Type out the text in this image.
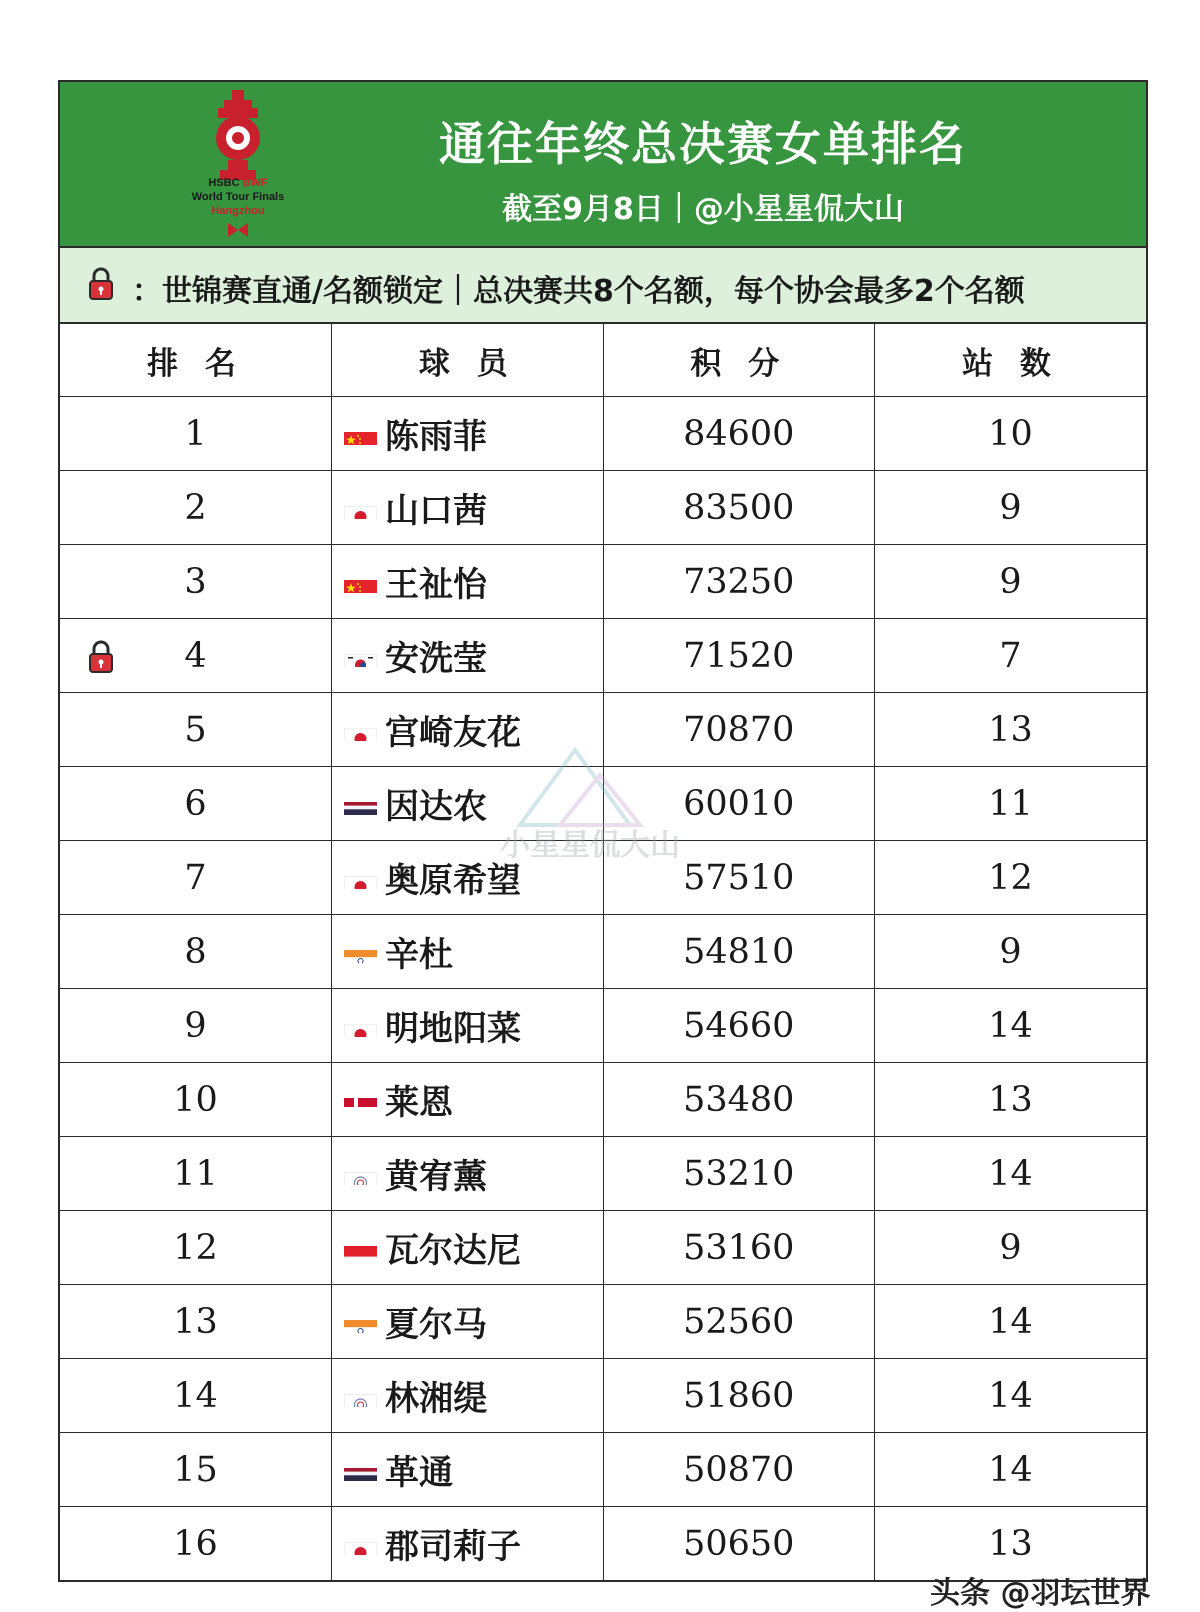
HSBC BWF
World Tour Finals
Hangzhou
通往年终总决赛女单排名
截至9月8日｜@小星星侃大山
：世锦赛直通/名额锁定｜总决赛共8个名额，每个协会最多2个名额
排 名	球 员	积 分	站 数
1	陈雨菲	84600	10
2	山口茜	83500	9
3	王祉怡	73250	9

4	安洗莹	71520	7
5	宫崎友花	70870	13
6	因达农	60010	11
7	奥原希望	57510	12
8	辛杜	54810	9
9	明地阳菜	54660	14
10	莱恩	53480	13
11	黄宥薰	53210	14
12	瓦尔达尼	53160	9
13	夏尔马	52560	14
14	林湘缇	51860	14
15	革通	50870	14
16	郡司莉子	50650	13
小星星侃大山
头条 @羽坛世界
